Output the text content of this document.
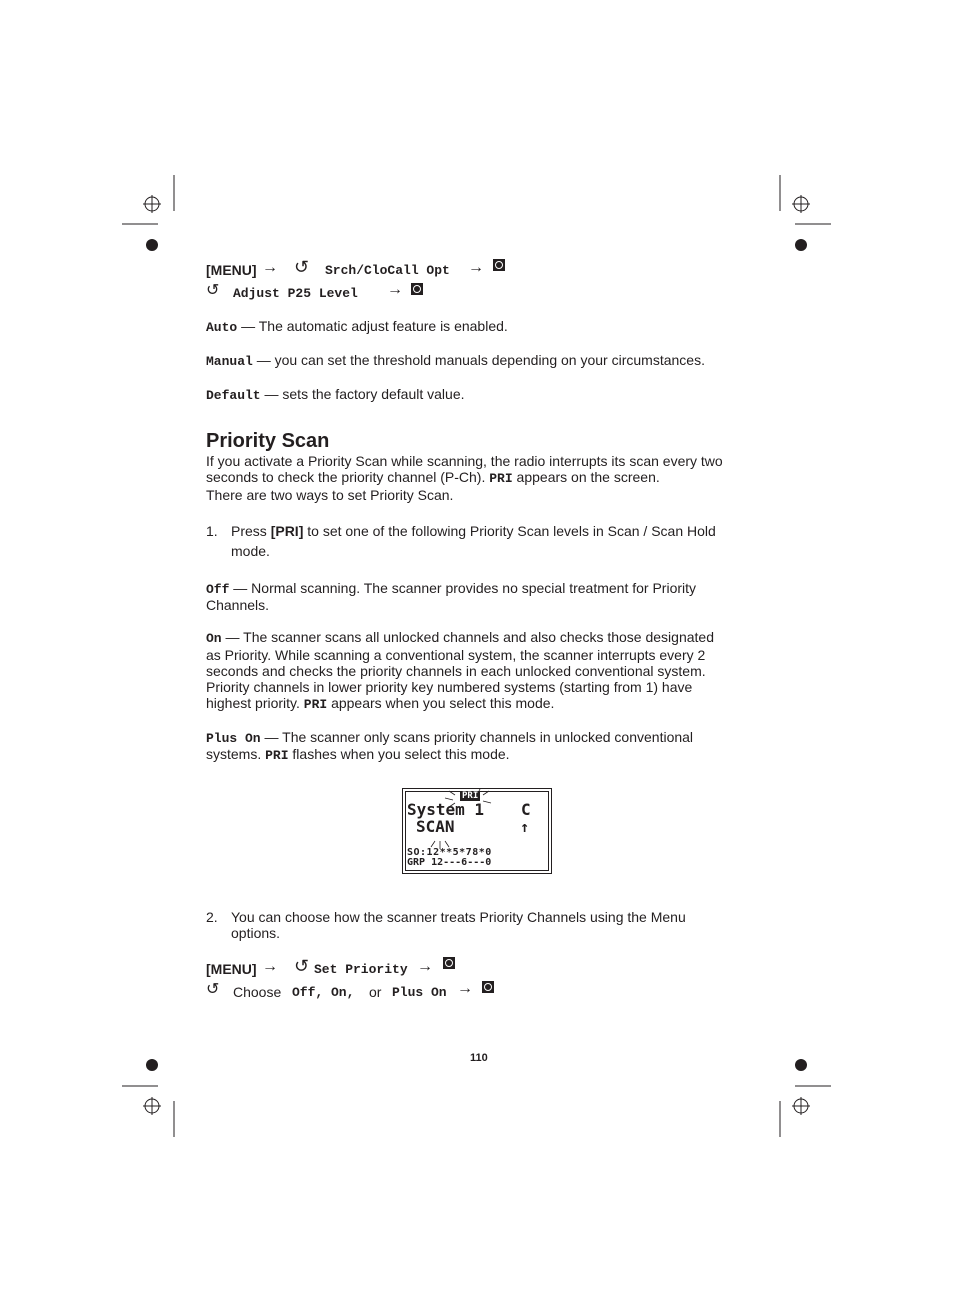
[MENU] → ↺ Srch/CloCall Opt →
↺ Adjust P25 Level →
Auto — The automatic adjust feature is enabled.
Manual — you can set the threshold manuals depending on your circumstances.
Default — sets the factory default value.
Priority Scan
If you activate a Priority Scan while scanning, the radio interrupts its scan every two
seconds to check the priority channel (P-Ch). PRI appears on the screen.
There are two ways to set Priority Scan.
1. Press [PRI] to set one of the following Priority Scan levels in Scan / Scan Hold
mode.
Off — Normal scanning. The scanner provides no special treatment for Priority
Channels.
On — The scanner scans all unlocked channels and also checks those designated
as Priority. While scanning a conventional system, the scanner interrupts every 2
seconds and checks the priority channels in each unlocked conventional system.
Priority channels in lower priority key numbered systems (starting from 1) have
highest priority. PRI appears when you select this mode.
Plus On — The scanner only scans priority channels in unlocked conventional
systems. PRI flashes when you select this mode.
PRI
System 1 C
SCAN	↑
SO:12**5*78*0
GRP 12---6---0
2. You can choose how the scanner treats Priority Channels using the Menu
options.
[MENU] → ↺ Set Priority →
↺ Choose Off, On, or Plus On →
110
